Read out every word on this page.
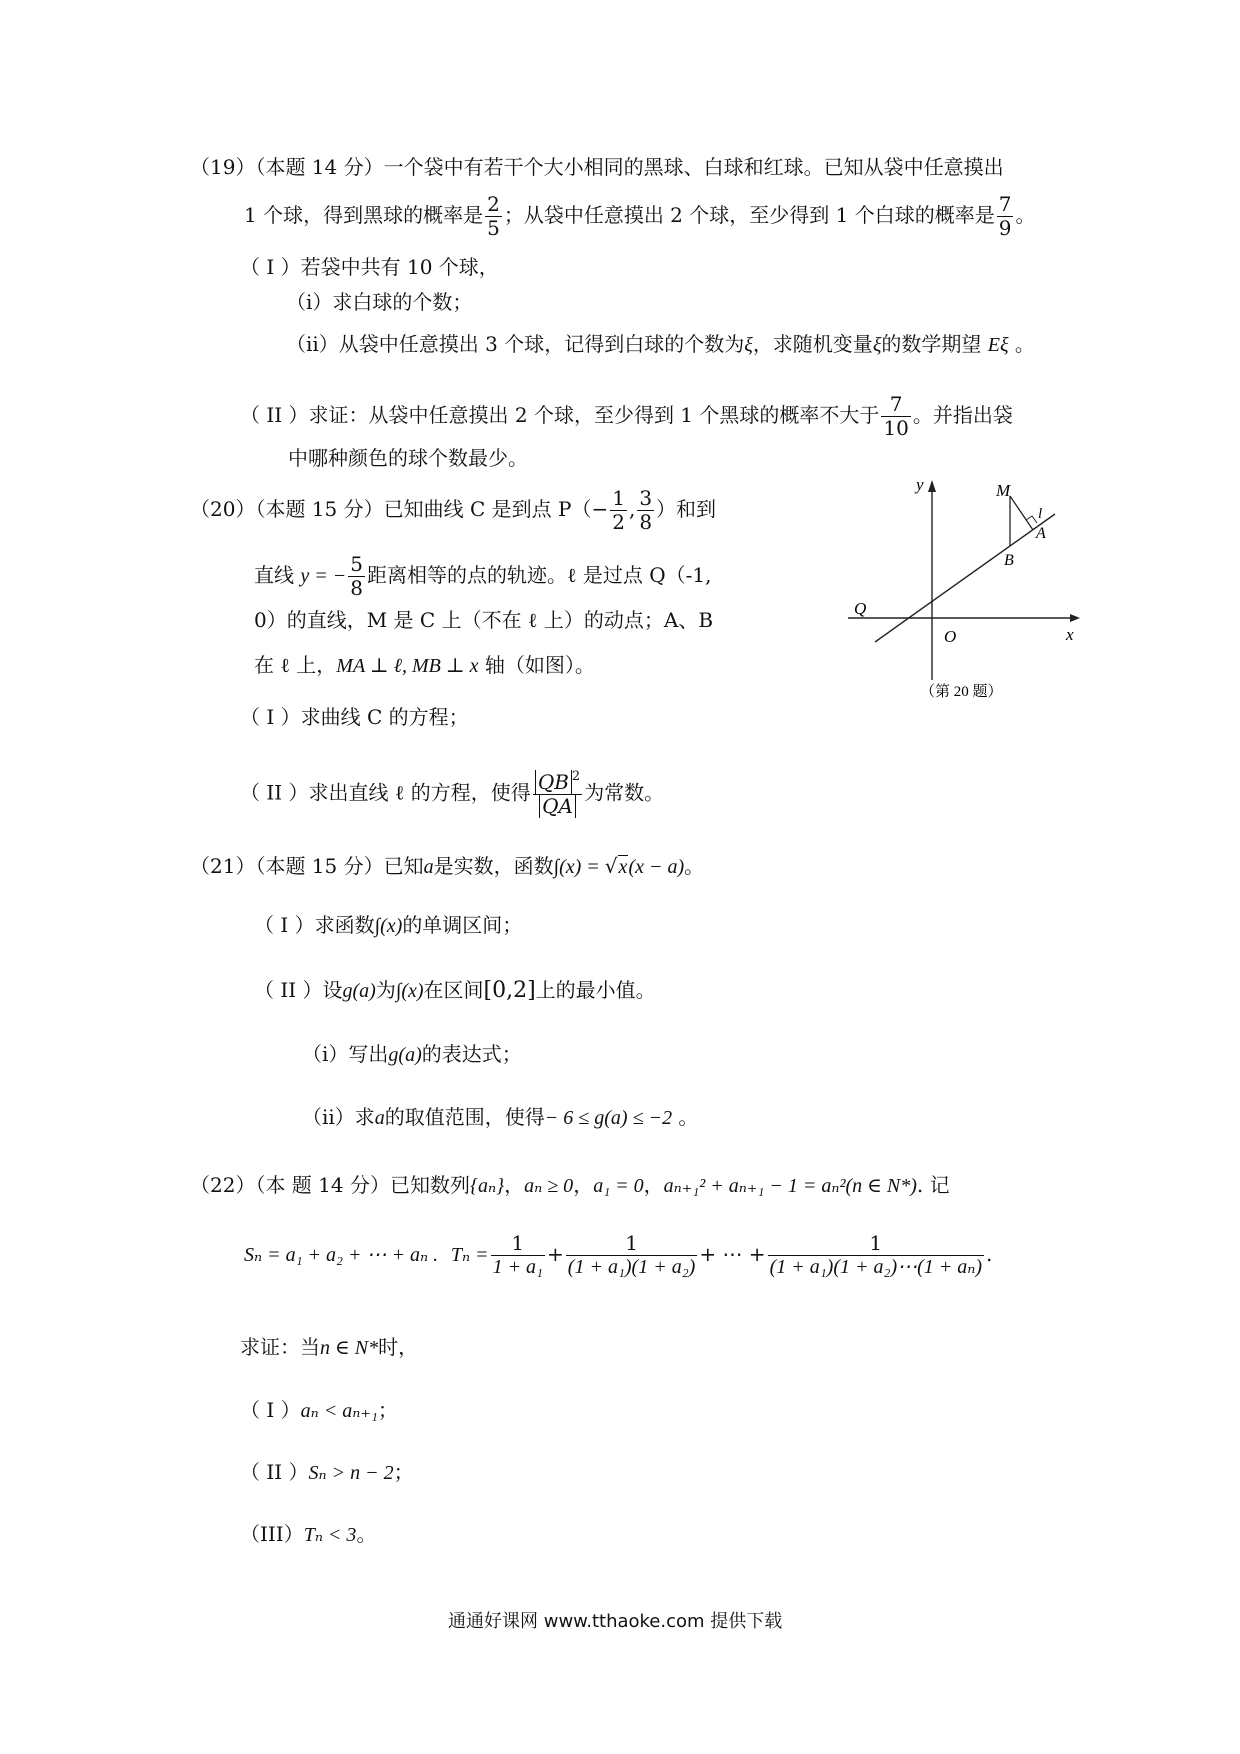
（19）（本题 14 分）一个袋中有若干个大小相同的黑球、白球和红球。已知从袋中任意摸出
1 个球，得到黑球的概率是 $\frac{2}{5}$ ；从袋中任意摸出 2 个球，至少得到 1 个白球的概率是 $\frac{7}{9}$ 。
（ I ）若袋中共有 10 个球，
（i）求白球的个数；
（ii）从袋中任意摸出 3 个球，记得到白球的个数为ξ，求随机变量ξ的数学期望 Eξ 。
（ II ）求证：从袋中任意摸出 2 个球，至少得到 1 个黑球的概率不大于 $\frac{7}{10}$ 。并指出袋
中哪种颜色的球个数最少。
（20）（本题 15 分）已知曲线 C 是到点 $P(- \frac{1}{2}$ , $\frac{3}{8}$ ）和到
直线 y = − $\frac{5}{8}$ 距离相等的点的轨迹。ℓ 是过点 Q（-1,
0）的直线，M 是 C 上（不在 ℓ 上）的动点；A、B
在 ℓ 上，MA ⊥ ℓ, MB ⊥ x 轴（如图）。
（ I ）求曲线 C 的方程；
（ II ）求出直线 ℓ 的方程，使得 $\frac{QB ^2}{QA}$ 为常数。
Q
O
y
x
M
l
A
B
（第 20 题）
（21）（本题 15 分）已知a是实数，函数∫(x) = √x(x − a)。
（ I ）求函数∫(x)的单调区间；
（ II ）设g(a)为∫(x)在区间[0,2]上的最小值。
（i）写出g(a)的表达式；
（ii）求a的取值范围，使得− 6 ≤ g(a) ≤ −2 。
（22）（本 题 14 分）已知数列{aₙ}，aₙ ≥ 0，a₁ = 0，aₙ₊₁² + aₙ₊₁ − 1 = aₙ²(n ∈ N*). 记
Sₙ = a₁ + a₂ + ⋯ + aₙ . $T_n = \frac{1}{\text{1 + a₁}} + \frac{1}{\text{(1 + a₁)(1 + a₂)}}$ + ⋯ + $\frac{1}{\text{(1 + a₁)(1 + a₂)⋯(1 + aₙ)}}$ .
求证：当n ∈ N*时，
（ I ）aₙ < aₙ₊₁；
（ II ）Sₙ > n − 2；
（III）Tₙ < 3。
通通好课网 www.tthaoke.com 提供下载
